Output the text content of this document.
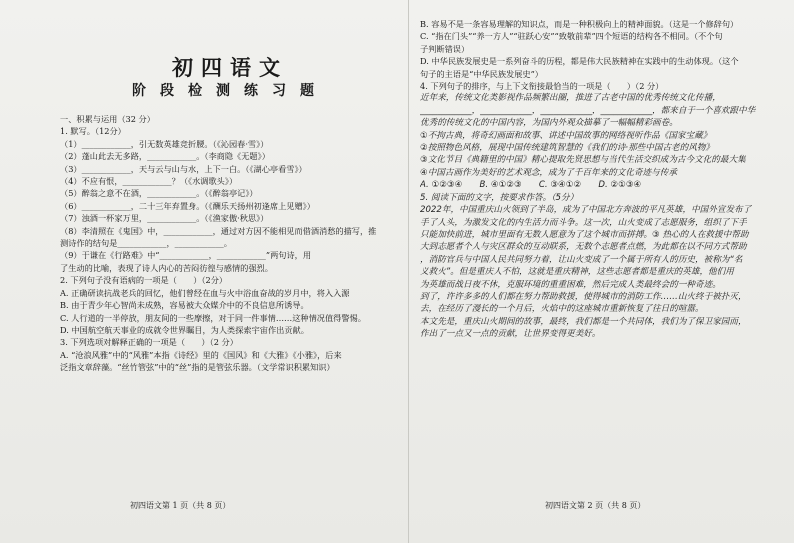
初四语文
阶段检测练习题
一、积累与运用（32 分）
1. 默写。（12分）
（1）____________，引无数英雄竞折腰。（《沁园春·雪》）
（2）蓬山此去无多路，____________。（李商隐《无题》）
（3）____________，天与云与山与水，上下一白。（《湖心亭看雪》）
（4）不应有恨，____________？（《水调歌头》）
（5）醉翁之意不在酒，____________。（《醉翁亭记》）
（6）____________，二十三年弃置身。（《酬乐天扬州初逢席上见赠》）
（7）浊酒一杯家万里，____________。（《渔家傲·秋思》）
（8）李清照在《鬼国》中，____________，通过对方因不能相见而借酒消愁的描写，推
测诗作的结句是____________，____________。
（9）于谦在《行路难》中“____________，____________”两句诗，用
了生动的比喻，表现了诗人内心的苦闷彷徨与感情的强烈。
2. 下列句子没有语病的一项是（　　）（2分）
A. 正确研读抗战老兵的回忆，他们曾经在血与火中浴血奋战的岁月中，将入入源
B. 由于青少年心智尚未成熟，容易被大众媒介中的不良信息所诱导。
C. 人行道的一半停放，朋友间的一些摩擦，对于同一件事情……这种情况值得警惕。
D. 中国航空航天事业的成就令世界瞩目，为人类探索宇宙作出贡献。
3. 下列选项对解释正确的一项是（　　）（2 分）
A. “沧浪风雅”中的“风雅”本指《诗经》里的《国风》和《大雅》《小雅》，后来
泛指文章辞藻。“丝竹管弦”中的“丝”指的是管弦乐器。（文学常识积累知识）
初四语文第 1 页（共 8 页）
B. 容易不是一条容易理解的知识点，而是一种积极向上的精神面貌。（这是一个修辞句）
C. “指在门头”“养一方人”“驻跃心安”“致敬前辈”四个短语的结构各不相同。（不个句
子判断错误）
D. 中华民族发展史是一系列奋斗的历程，都是伟大民族精神在实践中的生动体现。（这个
句子的主语是“中华民族发展史”）
4. 下列句子的排序，与上下文衔接最恰当的一项是（　　）（2 分）
近年来，传统文化类影视作品频繁出圈，推进了古老中国的优秀传统文化传播，
____________，____________，____________，____________，都来自于一个喜欢跟中华
优秀的传统文化的中国内容，为国内外观众描摹了一幅幅精彩画卷。
①不拘古典，将奇幻画面和故事、讲述中国故事的网络视听作品《国家宝藏》
②按照物色风格，展现中国传统建筑智慧的《我们的诗·那些中国古老的风物》
③文化节目《典籍里的中国》精心提取先贤思想与当代生活交织成为古今文化的最大集
④中国古画作为美好的艺术观念，成为了千百年来的文化奇迹与传承
A. ①②③④　　B. ④①②③　　C. ③④①②　　D. ②①③④
5. 阅读下面的文字，按要求作答。（5分）
2022年，中国重庆山火领到了半岛，成为了中国北方奔波的平凡英雄，中国外宣发布了
手了人头，为激发文化的内生活力而斗争。这一次，山火变成了志愿服务，组织了下手
只能加快前进，城市里面有无数人愿意为了这个城市而拼搏。③ 热心的人在救援中帮助
大到志愿者个人与灾区群众的互动联系，无数个志愿者点燃，为此都在以不同方式帮助
，消防官兵与中国人民共同努力着，让山火变成了一个属于所有人的历史，被称为“名
义救火”。但是重庆人不怕，这就是重庆精神，这些志愿者都是重庆的英雄，他们用
为英雄而战日夜不休，克服环境的重重困难，然后完成人类最终会的一种奇迹。
到了，许许多多的人们都在努力帮助救援，使得城市的消防工作……山火终于被扑灭，
去，在经历了漫长的一个月后，火焰中的这座城市重新恢复了往日的喧嚣。
本文先是，重庆山火期间的故事，最终，我们都是一个共同体，我们为了保卫家园而，
作出了一点又一点的贡献，让世界变得更美好。
初四语文第 2 页（共 8 页）
